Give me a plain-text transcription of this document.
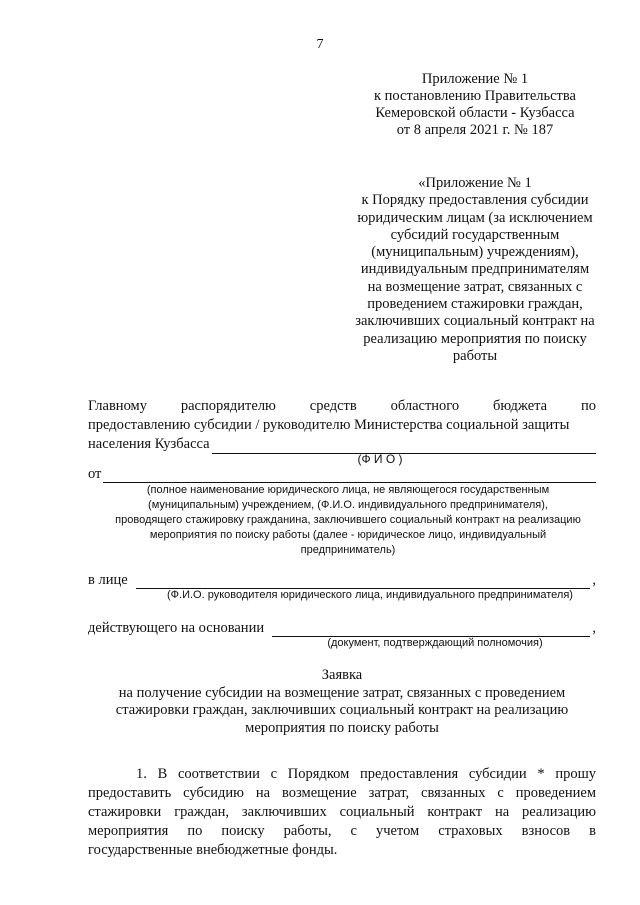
7
Приложение № 1
к постановлению Правительства
Кемеровской области - Кузбасса
от 8 апреля 2021 г. № 187
«Приложение № 1
к Порядку предоставления субсидии
юридическим лицам (за исключением
субсидий государственным
(муниципальным) учреждениям),
индивидуальным предпринимателям
на возмещение затрат, связанных с
проведением стажировки граждан,
заключивших социальный контракт на
реализацию мероприятия по поиску
работы
Главному распорядителю средств областного бюджета по
предоставлению субсидии / руководителю Министерства социальной защиты
населения Кузбасса
(Ф И О )
от
(полное наименование юридического лица, не являющегося государственным
(муниципальным) учреждением, (Ф.И.О. индивидуального предпринимателя),
проводящего стажировку гражданина, заключившего социальный контракт на реализацию
мероприятия по поиску работы (далее - юридическое лицо, индивидуальный
предприниматель)
в лице	,
(Ф.И.О. руководителя юридического лица, индивидуального предпринимателя)
действующего на основании	,
(документ, подтверждающий полномочия)
Заявка
на получение субсидии на возмещение затрат, связанных с проведением
стажировки граждан, заключивших социальный контракт на реализацию
мероприятия по поиску работы
1. В соответствии с Порядком предоставления субсидии * прошу
предоставить субсидию на возмещение затрат, связанных с проведением
стажировки граждан, заключивших социальный контракт на реализацию
мероприятия по поиску работы, с учетом страховых взносов в
государственные внебюджетные фонды.
